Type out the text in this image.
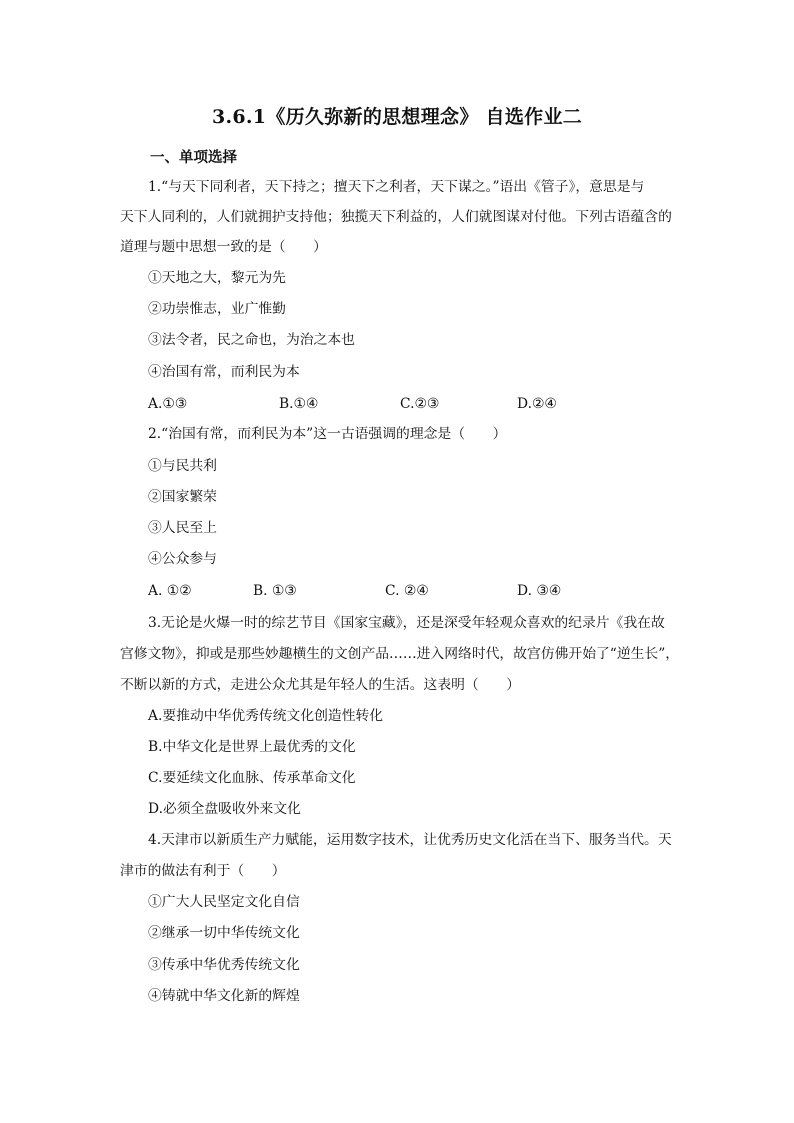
3.6.1《历久弥新的思想理念》 自选作业二
一、单项选择
1.“与天下同利者，天下持之；擅天下之利者，天下谋之。”语出《管子》，意思是与
天下人同利的，人们就拥护支持他；独揽天下利益的，人们就图谋对付他。下列古语蕴含的
道理与题中思想一致的是（　　）
①天地之大，黎元为先
②功崇惟志，业广惟勤
③法令者，民之命也，为治之本也
④治国有常，而利民为本
A.①③	B.①④	C.②③	D.②④
2.“治国有常，而利民为本”这一古语强调的理念是（　　）
①与民共利
②国家繁荣
③人民至上
④公众参与
A. ①②	B. ①③	C. ②④	D. ③④
3.无论是火爆一时的综艺节目《国家宝藏》，还是深受年轻观众喜欢的纪录片《我在故
宫修文物》，抑或是那些妙趣横生的文创产品……进入网络时代，故宫仿佛开始了“逆生长”，
不断以新的方式，走进公众尤其是年轻人的生活。这表明（　　）
A.要推动中华优秀传统文化创造性转化
B.中华文化是世界上最优秀的文化
C.要延续文化血脉、传承革命文化
D.必须全盘吸收外来文化
4.天津市以新质生产力赋能，运用数字技术，让优秀历史文化活在当下、服务当代。天
津市的做法有利于（　　）
①广大人民坚定文化自信
②继承一切中华传统文化
③传承中华优秀传统文化
④铸就中华文化新的辉煌
